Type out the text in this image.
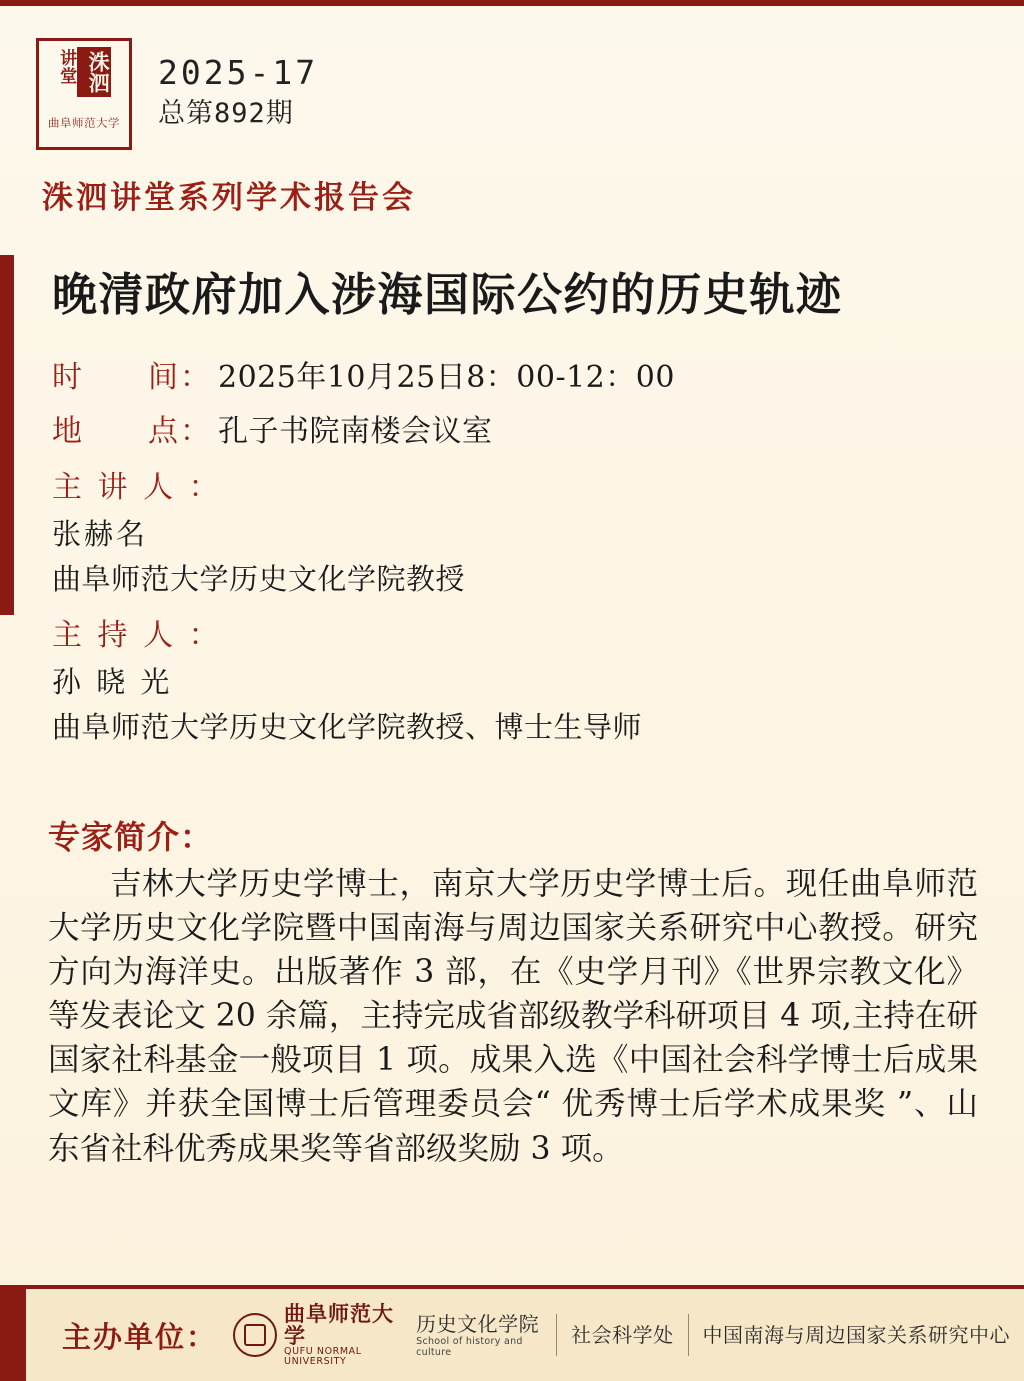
洙泗
讲堂
曲阜师范大学
2025-17
总第892期
洙泗讲堂系列学术报告会
晚清政府加入涉海国际公约的历史轨迹
时　　间： 2025年10月25日8：00-12：00
地　　点： 孔子书院南楼会议室
主 讲 人 ：
张赫名
曲阜师范大学历史文化学院教授
主 持 人 ：
孙 晓 光
曲阜师范大学历史文化学院教授、博士生导师
专家简介：
吉林大学历史学博士，南京大学历史学博士后。现任曲阜师范大学历史文化学院暨中国南海与周边国家关系研究中心教授。研究方向为海洋史。出版著作 3 部，在《史学月刊》《世界宗教文化》等发表论文 20 余篇，主持完成省部级教学科研项目 4 项,主持在研国家社科基金一般项目 1 项。成果入选《中国社会科学博士后成果文库》并获全国博士后管理委员会“ 优秀博士后学术成果奖 ”、山东省社科优秀成果奖等省部级奖励 3 项。
主办单位：
曲阜师范大学
QUFU NORMAL UNIVERSITY
历史文化学院
School of history and culture
社会科学处 中国南海与周边国家关系研究中心
